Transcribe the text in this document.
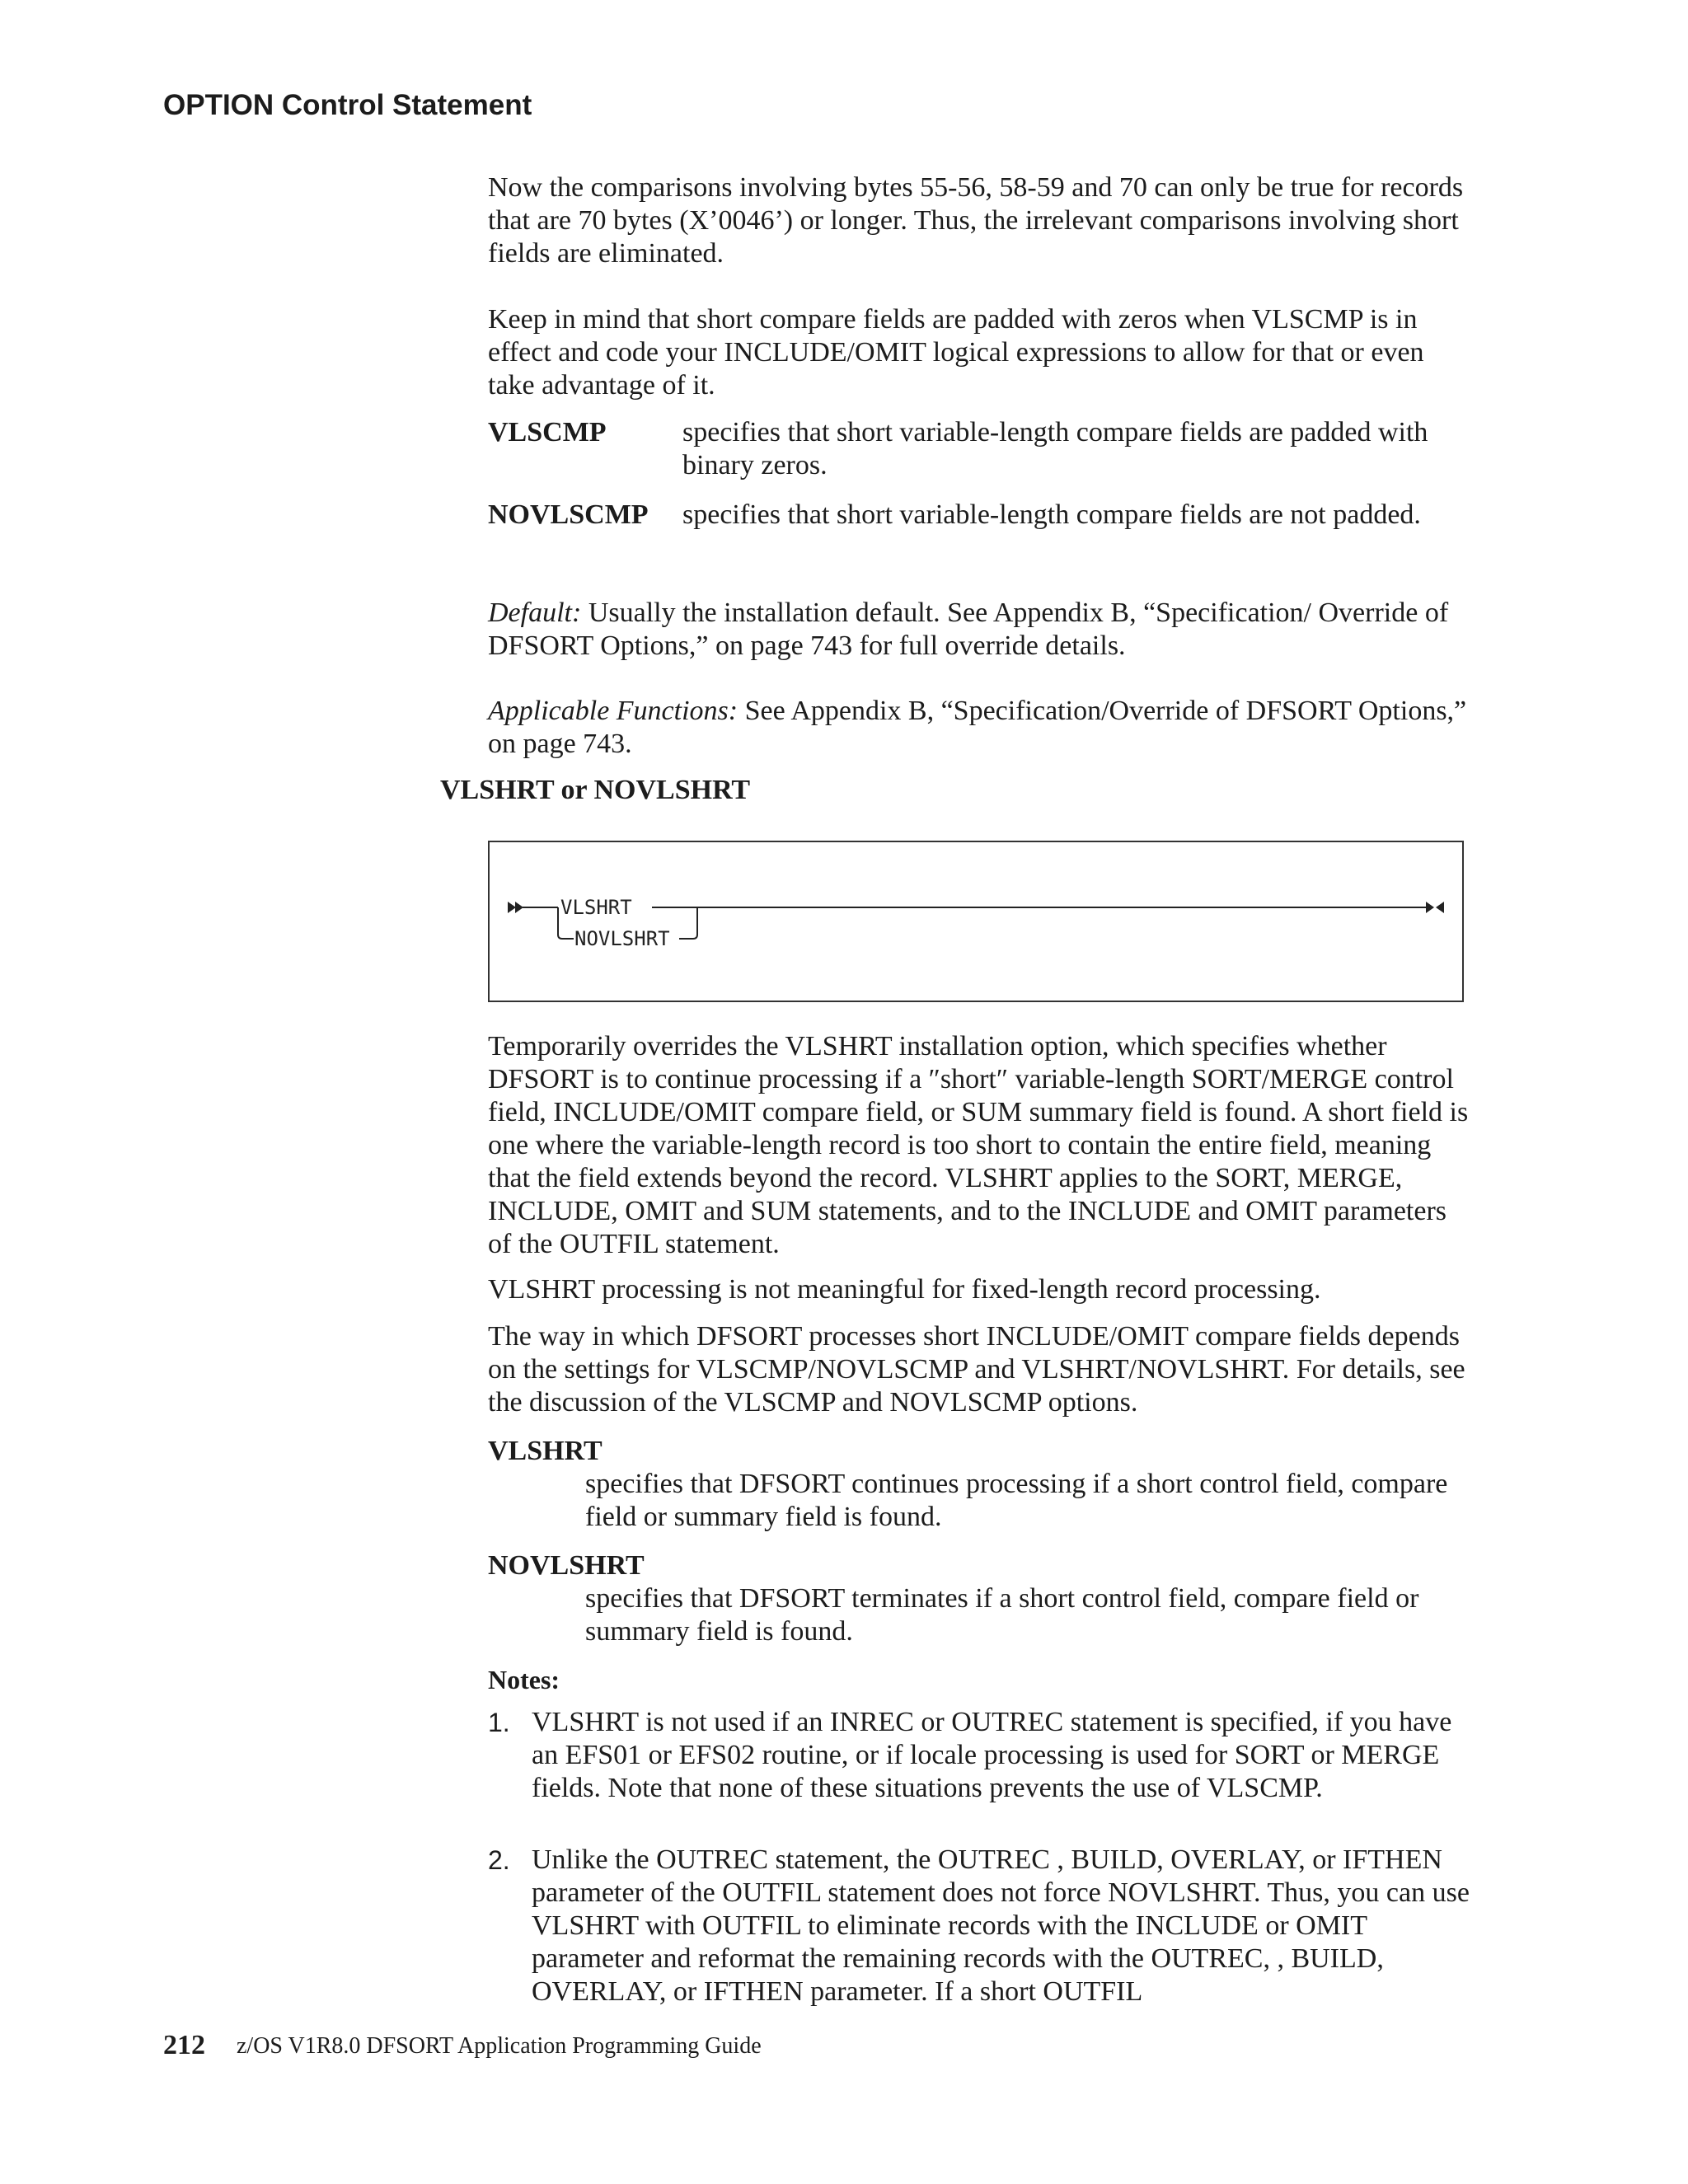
OPTION Control Statement
Now the comparisons involving bytes 55-56, 58-59 and 70 can only be true for records that are 70 bytes (X’0046’) or longer. Thus, the irrelevant comparisons involving short fields are eliminated.
Keep in mind that short compare fields are padded with zeros when VLSCMP is in effect and code your INCLUDE/OMIT logical expressions to allow for that or even take advantage of it.
VLSCMP	specifies that short variable-length compare fields are padded with binary zeros.
NOVLSCMP specifies that short variable-length compare fields are not padded.
Default: Usually the installation default. See Appendix B, “Specification/ Override of DFSORT Options,” on page 743 for full override details.
Applicable Functions: See Appendix B, “Specification/Override of DFSORT Options,” on page 743.
VLSHRT or NOVLSHRT
VLSHRT
NOVLSHRT
Temporarily overrides the VLSHRT installation option, which specifies whether DFSORT is to continue processing if a ″short″ variable-length SORT/MERGE control field, INCLUDE/OMIT compare field, or SUM summary field is found. A short field is one where the variable-length record is too short to contain the entire field, meaning that the field extends beyond the record. VLSHRT applies to the SORT, MERGE, INCLUDE, OMIT and SUM statements, and to the INCLUDE and OMIT parameters of the OUTFIL statement.
VLSHRT processing is not meaningful for fixed-length record processing.
The way in which DFSORT processes short INCLUDE/OMIT compare fields depends on the settings for VLSCMP/NOVLSCMP and VLSHRT/NOVLSHRT. For details, see the discussion of the VLSCMP and NOVLSCMP options.
VLSHRT
specifies that DFSORT continues processing if a short control field, compare field or summary field is found.
NOVLSHRT
specifies that DFSORT terminates if a short control field, compare field or summary field is found.
Notes:
1. VLSHRT is not used if an INREC or OUTREC statement is specified, if you have an EFS01 or EFS02 routine, or if locale processing is used for SORT or MERGE fields. Note that none of these situations prevents the use of VLSCMP.
2. Unlike the OUTREC statement, the OUTREC , BUILD, OVERLAY, or IFTHEN parameter of the OUTFIL statement does not force NOVLSHRT. Thus, you can use VLSHRT with OUTFIL to eliminate records with the INCLUDE or OMIT parameter and reformat the remaining records with the OUTREC, , BUILD, OVERLAY, or IFTHEN parameter. If a short OUTFIL
212 z/OS V1R8.0 DFSORT Application Programming Guide
